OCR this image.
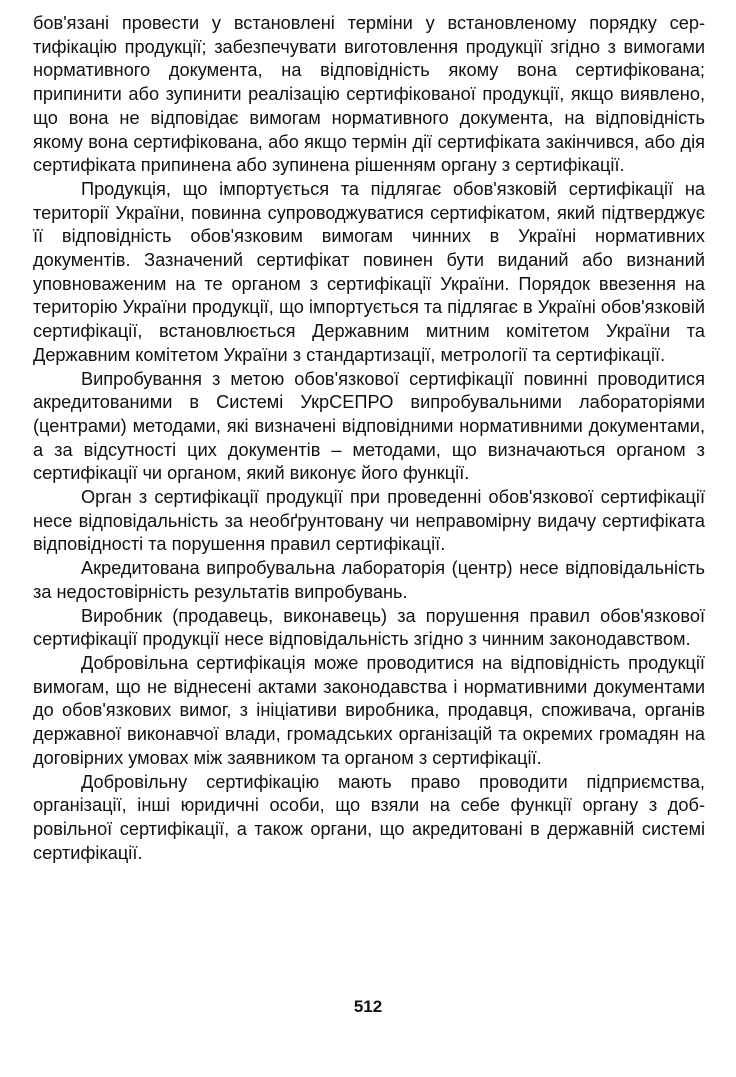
бов'язані провести у встановлені терміни у встановленому порядку сертифікацію продукції; забезпечувати виготовлення продукції згідно з вимогами нормативного документа, на відповідність якому вона сертифікована; припинити або зупинити реалізацію сертифікованої продукції, якщо виявлено, що вона не відповідає вимогам нормативного документа, на відповідність якому вона сертифікована, або якщо термін дії сертифіката закінчився, або дія сертифіката припинена або зупинена рішенням органу з сертифікації.

Продукція, що імпортується та підлягає обов'язковій сертифікації на території України, повинна супроводжуватися сертифікатом, який підтверджує її відповідність обов'язковим вимогам чинних в Україні нормативних документів. Зазначений сертифікат повинен бути виданий або визнаний уповноваженим на те органом з сертифікації України. Порядок ввезення на територію України продукції, що імпортується та підлягає в Україні обов'язковій сертифікації, встановлюється Державним митним комітетом України та Державним комітетом України з стандартизації, метрології та сертифікації.

Випробування з метою обов'язкової сертифікації повинні проводитися акредитованими в Системі УкрСЕПРО випробувальними лабораторіями (центрами) методами, які визначені відповідними нормативними документами, а за відсутності цих документів – методами, що визначаються органом з сертифікації чи органом, який виконує його функції.

Орган з сертифікації продукції при проведенні обов'язкової сертифікації несе відповідальність за необґрунтовану чи неправомірну видачу сертифіката відповідності та порушення правил сертифікації.

Акредитована випробувальна лабораторія (центр) несе відповідальність за недостовірність результатів випробувань.

Виробник (продавець, виконавець) за порушення правил обов'язкової сертифікації продукції несе відповідальність згідно з чинним законодавством.

Добровільна сертифікація може проводитися на відповідність продукції вимогам, що не віднесені актами законодавства і нормативними документами до обов'язкових вимог, з ініціативи виробника, продавця, споживача, органів державної виконавчої влади, громадських організацій та окремих громадян на договірних умовах між заявником та органом з сертифікації.

Добровільну сертифікацію мають право проводити підприємства, організації, інші юридичні особи, що взяли на себе функції органу з добровільної сертифікації, а також органи, що акредитовані в державній системі сертифікації.

512
